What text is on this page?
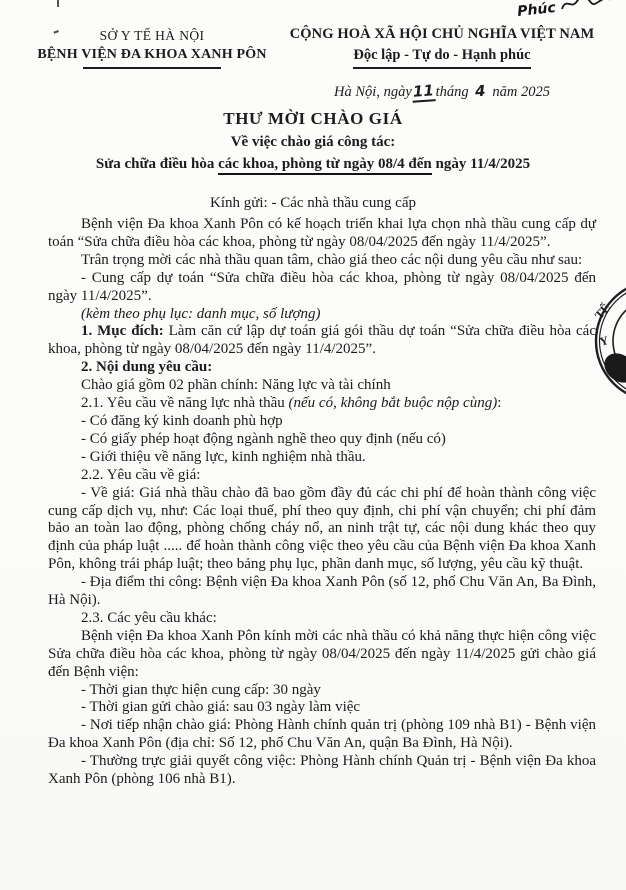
Phúc
SỞ Y TẾ HÀ NỘI
BỆNH VIỆN ĐA KHOA XANH PÔN
CỘNG HOÀ XÃ HỘI CHỦ NGHĨA VIỆT NAM
Độc lập - Tự do - Hạnh phúc
Hà Nội, ngày11tháng 4 năm 2025
THƯ MỜI CHÀO GIÁ
Về việc chào giá công tác:
Sửa chữa điều hòa các khoa, phòng từ ngày 08/4 đến ngày 11/4/2025
Kính gửi: - Các nhà thầu cung cấp

Bệnh viện Đa khoa Xanh Pôn có kế hoạch triển khai lựa chọn nhà thầu cung cấp dự toán “Sửa chữa điều hòa các khoa, phòng từ ngày 08/04/2025 đến ngày 11/4/2025”.

Trân trọng mời các nhà thầu quan tâm, chào giá theo các nội dung yêu cầu như sau:

- Cung cấp dự toán “Sửa chữa điều hòa các khoa, phòng từ ngày 08/04/2025 đến ngày 11/4/2025”.

(kèm theo phụ lục: danh mục, số lượng)

1. Mục đích: Làm căn cứ lập dự toán giá gói thầu dự toán “Sửa chữa điều hòa các khoa, phòng từ ngày 08/04/2025 đến ngày 11/4/2025”.

2. Nội dung yêu cầu:

Chào giá gồm 02 phần chính: Năng lực và tài chính

2.1. Yêu cầu về năng lực nhà thầu (nếu có, không bắt buộc nộp cùng):

- Có đăng ký kinh doanh phù hợp

- Có giấy phép hoạt động ngành nghề theo quy định (nếu có)

- Giới thiệu về năng lực, kinh nghiệm nhà thầu.

2.2. Yêu cầu về giá:

- Về giá: Giá nhà thầu chào đã bao gồm đầy đủ các chi phí để hoàn thành công việc cung cấp dịch vụ, như: Các loại thuế, phí theo quy định, chi phí vận chuyển; chi phí đảm bảo an toàn lao động, phòng chống cháy nổ, an ninh trật tự, các nội dung khác theo quy định của pháp luật ..... để hoàn thành công việc theo yêu cầu của Bệnh viện Đa khoa Xanh Pôn, không trái pháp luật; theo bảng phụ lục, phần danh mục, số lượng, yêu cầu kỹ thuật.

- Địa điểm thi công: Bệnh viện Đa khoa Xanh Pôn (số 12, phố Chu Văn An, Ba Đình, Hà Nội).

2.3. Các yêu cầu khác:

Bệnh viện Đa khoa Xanh Pôn kính mời các nhà thầu có khả năng thực hiện công việc Sửa chữa điều hòa các khoa, phòng từ ngày 08/04/2025 đến ngày 11/4/2025 gửi chào giá đến Bệnh viện:

- Thời gian thực hiện cung cấp: 30 ngày

- Thời gian gửi chào giá: sau 03 ngày làm việc

- Nơi tiếp nhận chào giá: Phòng Hành chính quản trị (phòng 109 nhà B1) - Bệnh viện Đa khoa Xanh Pôn (địa chỉ: Số 12, phố Chu Văn An, quận Ba Đình, Hà Nội).

- Thường trực giải quyết công việc: Phòng Hành chính Quản trị - Bệnh viện Đa khoa Xanh Pôn (phòng 106 nhà B1).

TẾ
Y
